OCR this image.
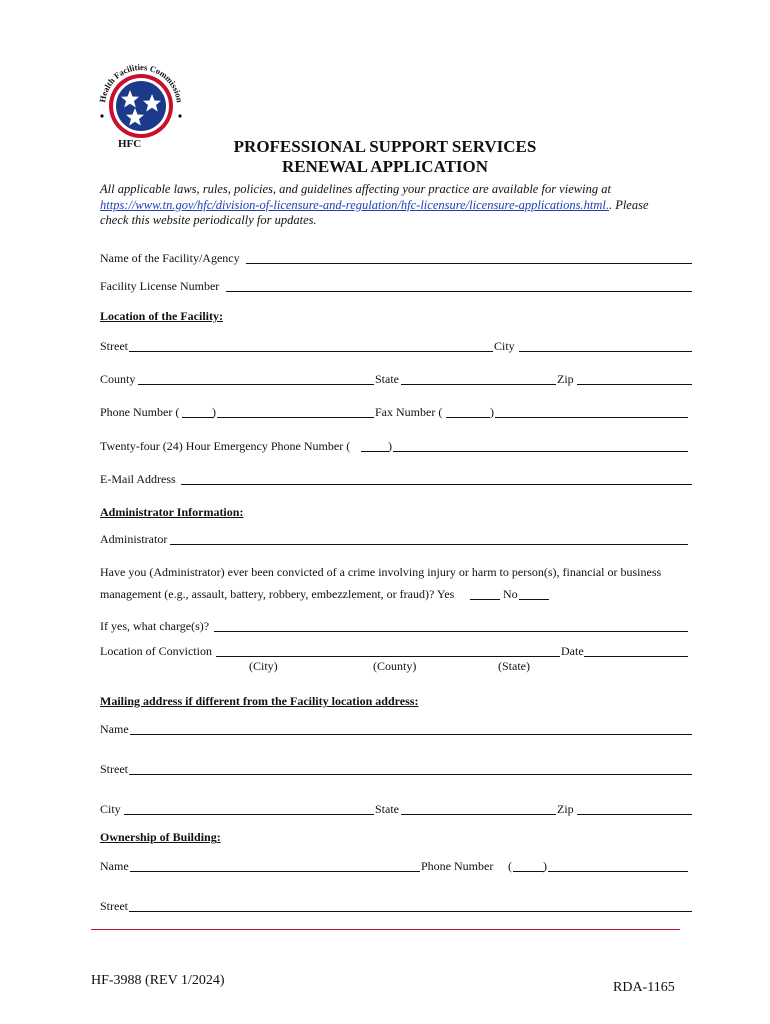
Health Facilities Commission
HFC	PROFESSIONAL SUPPORT SERVICES
RENEWAL APPLICATION
All applicable laws, rules, policies, and guidelines affecting your practice are available for viewing at https://www.tn.gov/hfc/division-of-licensure-and-regulation/hfc-licensure/licensure-applications.html.. Please check this website periodically for updates.
Name of the Facility/Agency
Facility License Number
Location of the Facility:
Street	City
County	State	Zip
Phone Number (	)	Fax Number (	)
Twenty-four (24) Hour Emergency Phone Number (	)
E-Mail Address
Administrator Information:
Administrator
Have you (Administrator) ever been convicted of a crime involving injury or harm to person(s), financial or business
management (e.g., assault, battery, robbery, embezzlement, or fraud)? Yes	No
If yes, what charge(s)?
Location of Conviction	Date
(City)	(County)	(State)
Mailing address if different from the Facility location address:
Name
Street
City	State	Zip
Ownership of Building:
Name	Phone Number (	)
Street
HF-3988 (REV 1/2024)	RDA-1165
